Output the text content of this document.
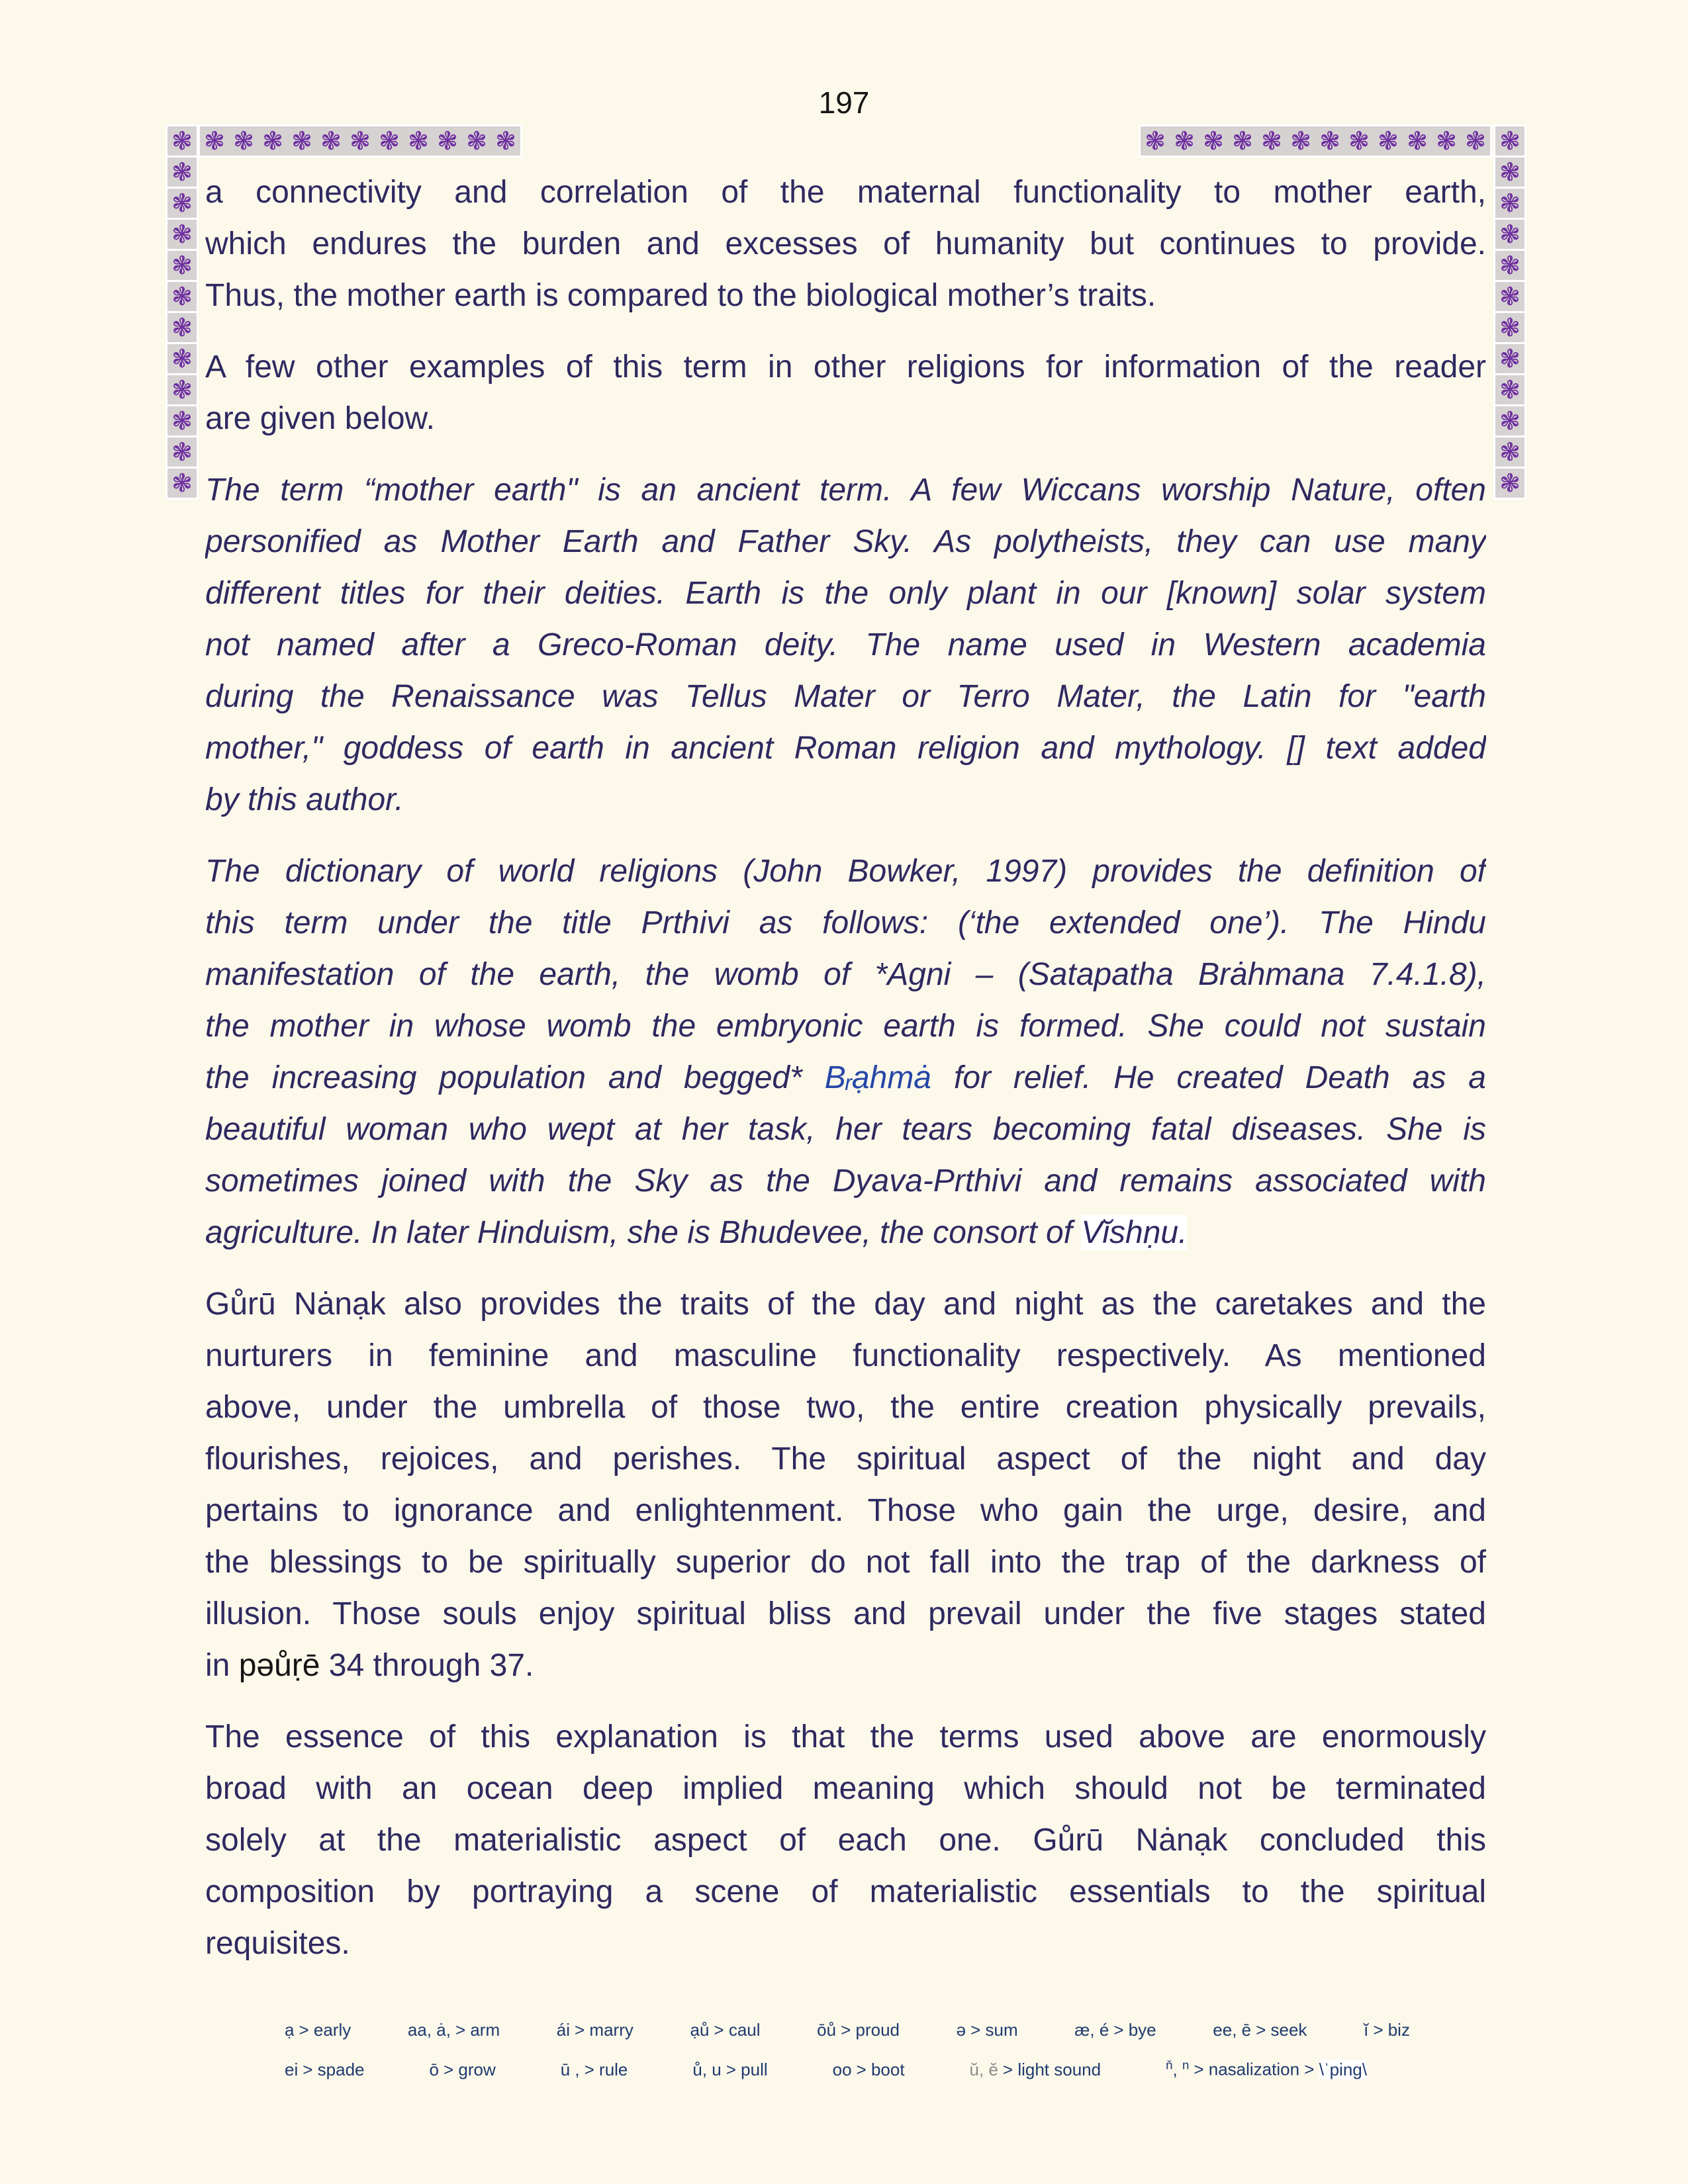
197
❃ ❃ ❃ ❃ ❃ ❃ ❃ ❃ ❃ ❃ ❃	❃ ❃ ❃ ❃ ❃ ❃ ❃ ❃ ❃ ❃ ❃ ❃
❃
❃
❃
❃
❃
❃
❃
❃
❃
❃
❃
❃
❃
❃
❃
❃
❃
❃
❃
❃
❃
❃
❃
❃
a connectivity and correlation of the maternal functionality to mother earth,
which endures the burden and excesses of humanity but continues to provide.
Thus, the mother earth is compared to the biological mother’s traits.
A few other examples of this term in other religions for information of the reader
are given below.
The term “mother earth" is an ancient term. A few Wiccans worship Nature, often
personified as Mother Earth and Father Sky. As polytheists, they can use many
different titles for their deities. Earth is the only plant in our [known] solar system
not named after a Greco-Roman deity. The name used in Western academia
during the Renaissance was Tellus Mater or Terro Mater, the Latin for "earth
mother," goddess of earth in ancient Roman religion and mythology. [] text added
by this author.
The dictionary of world religions (John Bowker, 1997) provides the definition of
this term under the title Prthivi as follows: (‘the extended one’). The Hindu
manifestation of the earth, the womb of *Agni – (Satapatha Brȧhmana 7.4.1.8),
the mother in whose womb the embryonic earth is formed. She could not sustain
the increasing population and begged* Bᵣạhmȧ for relief. He created Death as a
beautiful woman who wept at her task, her tears becoming fatal diseases. She is
sometimes joined with the Sky as the Dyava-Prthivi and remains associated with
agriculture. In later Hinduism, she is Bhudevee, the consort of Vĭshṇu.
Gůrū Nȧnạk also provides the traits of the day and night as the caretakes and the
nurturers in feminine and masculine functionality respectively. As mentioned
above, under the umbrella of those two, the entire creation physically prevails,
flourishes, rejoices, and perishes. The spiritual aspect of the night and day
pertains to ignorance and enlightenment. Those who gain the urge, desire, and
the blessings to be spiritually superior do not fall into the trap of the darkness of
illusion. Those souls enjoy spiritual bliss and prevail under the five stages stated
in pəůṛē 34 through 37.
The essence of this explanation is that the terms used above are enormously
broad with an ocean deep implied meaning which should not be terminated
solely at the materialistic aspect of each one. Gůrū Nȧnạk concluded this
composition by portraying a scene of materialistic essentials to the spiritual
requisites.
ạ > early	aa, ȧ, > arm	ái > marry	ạů > caul	ōů > proud	ə > sum	æ, é > bye	ee, ē > seek	ĭ > biz
ei > spade	ō > grow	ū , > rule	ů, u > pull	oo > boot	ŭ, ĕ > light sound	$^ň$, $^n$ > nasalization > \ˈping\
